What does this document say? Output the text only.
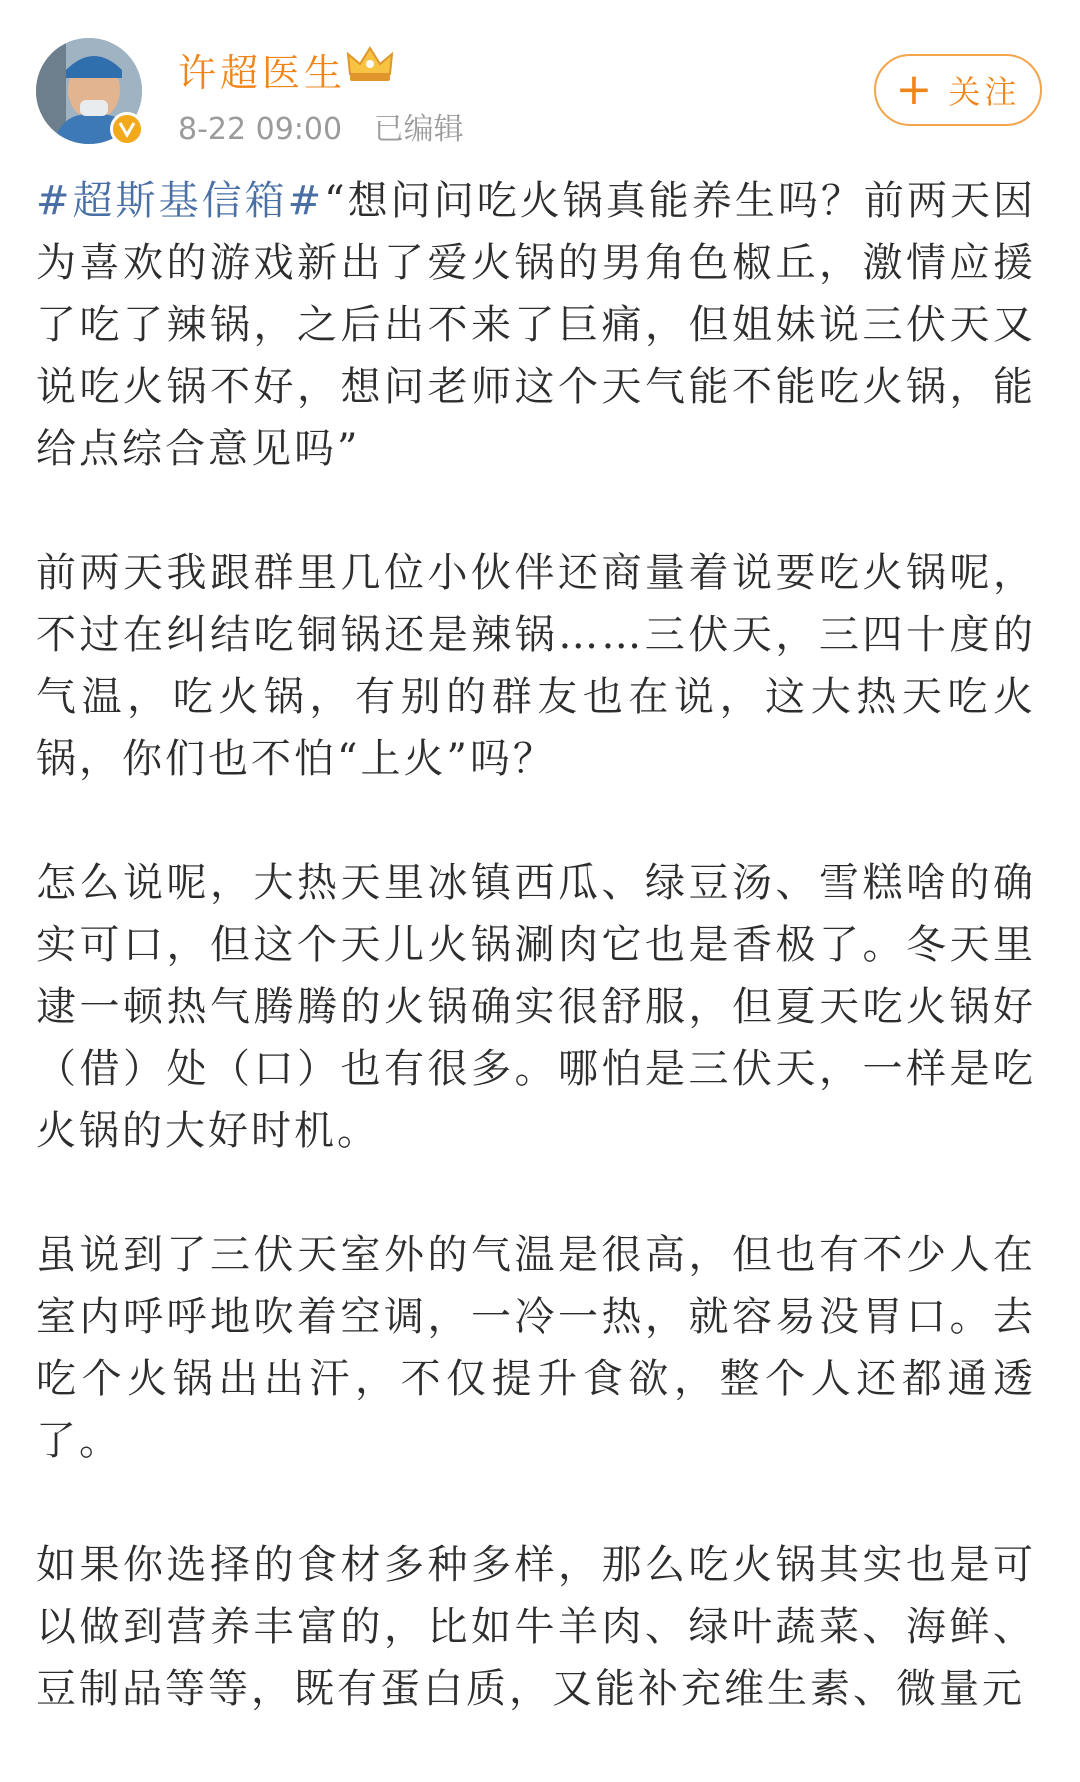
许超医生
8-22 09:00 已编辑
+ 关注

#超斯基信箱#“想问问吃火锅真能养生吗？前两天因为喜欢的游戏新出了爱火锅的男角色椒丘，激情应援了吃了辣锅，之后出不来了巨痛，但姐妹说三伏天又说吃火锅不好，想问老师这个天气能不能吃火锅，能给点综合意见吗”

前两天我跟群里几位小伙伴还商量着说要吃火锅呢，不过在纠结吃铜锅还是辣锅……三伏天，三四十度的气温，吃火锅，有别的群友也在说，这大热天吃火锅，你们也不怕“上火”吗？

怎么说呢，大热天里冰镇西瓜、绿豆汤、雪糕啥的确实可口，但这个天儿火锅涮肉它也是香极了。冬天里逮一顿热气腾腾的火锅确实很舒服，但夏天吃火锅好（借）处（口）也有很多。哪怕是三伏天，一样是吃火锅的大好时机。

虽说到了三伏天室外的气温是很高，但也有不少人在室内呼呼地吹着空调，一冷一热，就容易没胃口。去吃个火锅出出汗，不仅提升食欲，整个人还都通透了。

如果你选择的食材多种多样，那么吃火锅其实也是可以做到营养丰富的，比如牛羊肉、绿叶蔬菜、海鲜、豆制品等等，既有蛋白质，又能补充维生素、微量元
